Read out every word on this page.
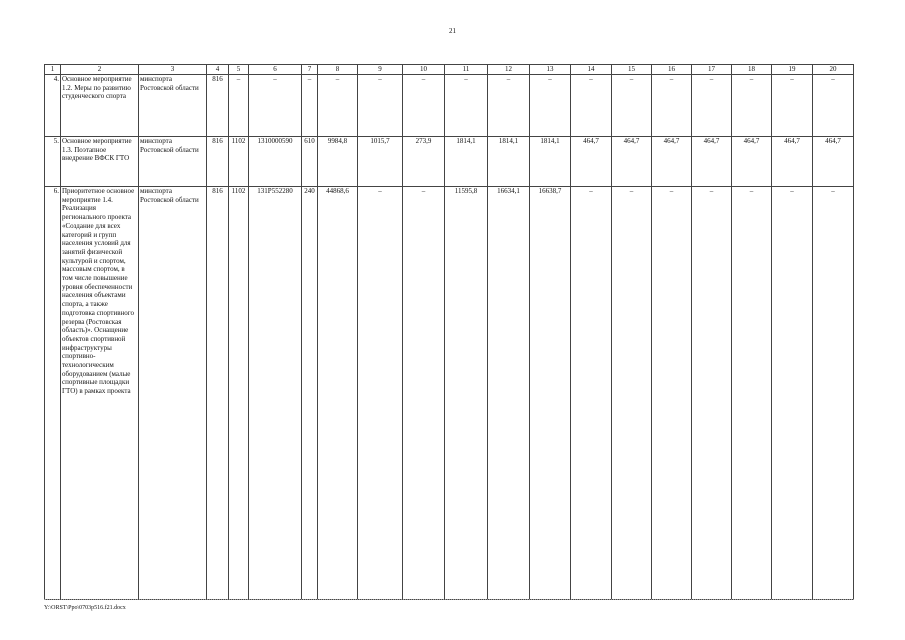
21
1	2	3	4	5	6	7	8	9	10	11	12	13	14	15	16	17	18	19	20
4.	Основное мероприятие 1.2. Меры по развитию студенческого спорта	минспорта Ростовской области	816	–	–	–	–	–	–	–	–	–	–	–	–	–	–	–	–
5.	Основное мероприятие 1.3. Поэтапное внедрение ВФСК ГТО	минспорта Ростовской области	816	1102	1310000590	610	9984,8	1015,7	273,9	1814,1	1814,1	1814,1	464,7	464,7	464,7	464,7	464,7	464,7	464,7
6.	Приоритетное основное мероприятие 1.4. Реализация регионального проекта «Создание для всех категорий и групп населения условий для занятий физической культурой и спортом, массовым спортом, в том числе повышение уровня обеспеченности населения объектами спорта, а также подготовка спортивного резерва (Ростовская область)». Оснащение объектов спортивной инфраструктуры спортивно-технологическим оборудованием (малые спортивные площадки ГТО) в рамках проекта	минспорта Ростовской области	816	1102	131P552280	240	44868,6	–	–	11595,8	16634,1	16638,7	–	–	–	–	–	–	–
Y:\ORST\Ppo\0703p516.f21.docx
